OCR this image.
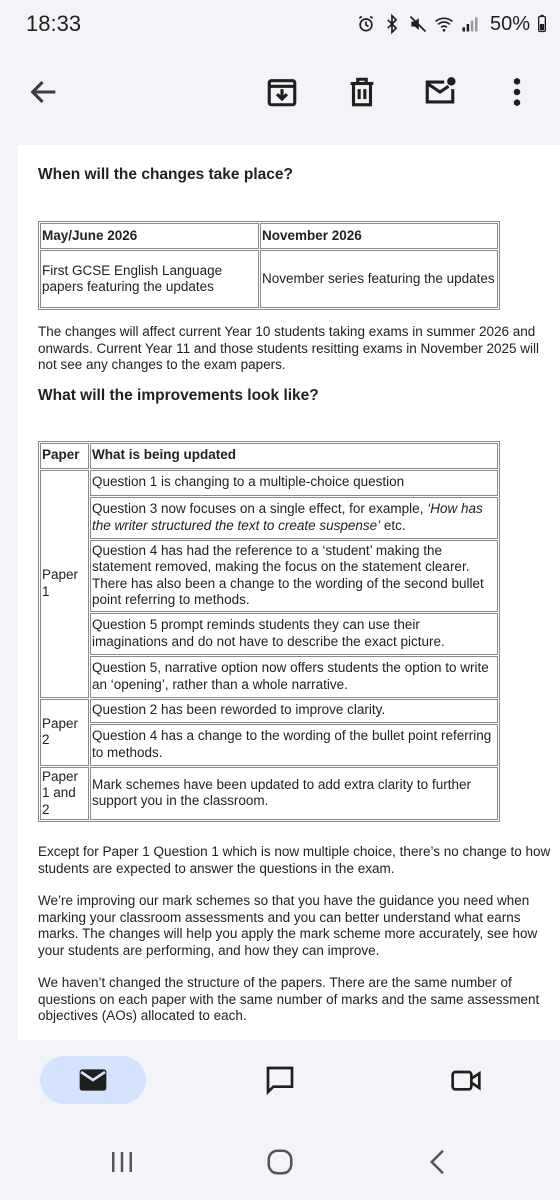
18:33	50%
When will the changes take place?
May/June 2026	November 2026
First GCSE English Language papers featuring the updates	November series featuring the updates

The changes will affect current Year 10 students taking exams in summer 2026 and onwards. Current Year 11 and those students resitting exams in November 2025 will not see any changes to the exam papers.

What will the improvements look like?
Paper	What is being updated
Paper 1	Question 1 is changing to a multiple-choice question
	Question 3 now focuses on a single effect, for example, ‘How has the writer structured the text to create suspense’ etc.
	Question 4 has had the reference to a ‘student’ making the statement removed, making the focus on the statement clearer. There has also been a change to the wording of the second bullet point referring to methods.
	Question 5 prompt reminds students they can use their imaginations and do not have to describe the exact picture.
	Question 5, narrative option now offers students the option to write an ‘opening’, rather than a whole narrative.
Paper 2	Question 2 has been reworded to improve clarity.
	Question 4 has a change to the wording of the bullet point referring to methods.
Paper 1 and 2	Mark schemes have been updated to add extra clarity to further support you in the classroom.

Except for Paper 1 Question 1 which is now multiple choice, there’s no change to how students are expected to answer the questions in the exam.

We’re improving our mark schemes so that you have the guidance you need when marking your classroom assessments and you can better understand what earns marks. The changes will help you apply the mark scheme more accurately, see how your students are performing, and how they can improve.

We haven’t changed the structure of the papers. There are the same number of questions on each paper with the same number of marks and the same assessment objectives (AOs) allocated to each.
